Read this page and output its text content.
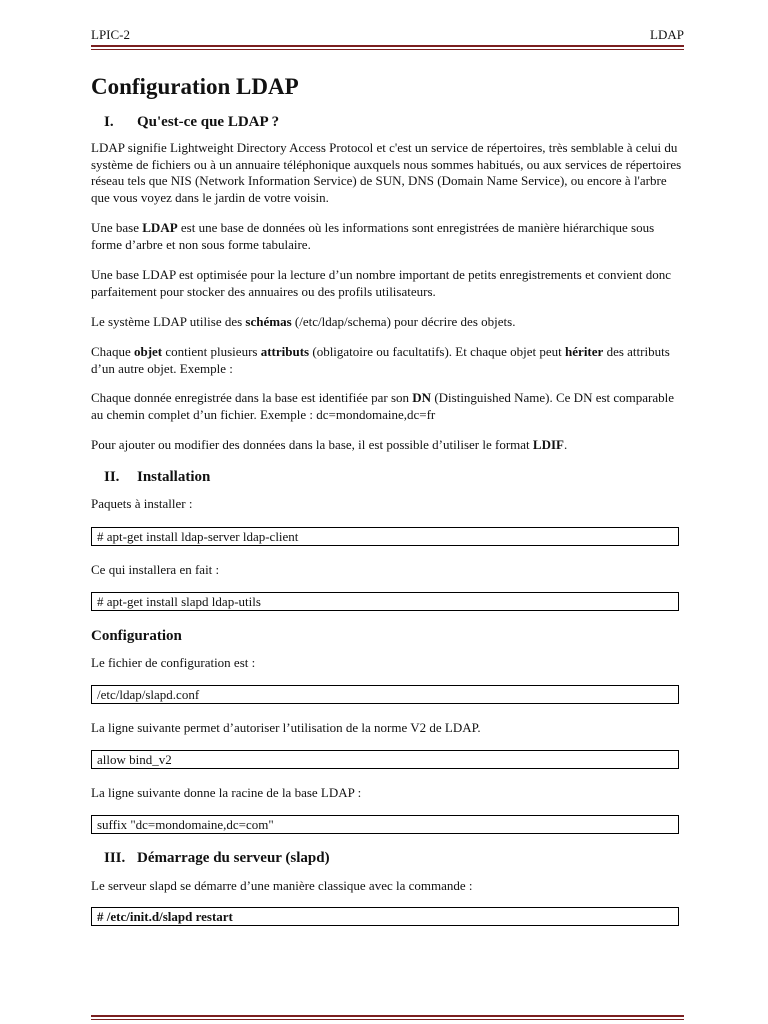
LPIC-2	LDAP
Configuration LDAP
I. Qu'est-ce que LDAP ?

LDAP signifie Lightweight Directory Access Protocol et c'est un service de répertoires, très semblable à celui du système de fichiers ou à un annuaire téléphonique auxquels nous sommes habitués, ou aux services de répertoires réseau tels que NIS (Network Information Service) de SUN, DNS (Domain Name Service), ou encore à l'arbre que vous voyez dans le jardin de votre voisin.

Une base LDAP est une base de données où les informations sont enregistrées de manière hiérarchique sous forme d’arbre et non sous forme tabulaire.

Une base LDAP est optimisée pour la lecture d’un nombre important de petits enregistrements et convient donc parfaitement pour stocker des annuaires ou des profils utilisateurs.

Le système LDAP utilise des schémas (/etc/ldap/schema) pour décrire des objets.

Chaque objet contient plusieurs attributs (obligatoire ou facultatifs). Et chaque objet peut hériter des attributs d’un autre objet. Exemple :

Chaque donnée enregistrée dans la base est identifiée par son DN (Distinguished Name). Ce DN est comparable au chemin complet d’un fichier. Exemple : dc=mondomaine,dc=fr

Pour ajouter ou modifier des données dans la base, il est possible d’utiliser le format LDIF.

II. Installation

Paquets à installer :

# apt-get install ldap-server ldap-client

Ce qui installera en fait :

# apt-get install slapd ldap-utils
Configuration

Le fichier de configuration est :

/etc/ldap/slapd.conf

La ligne suivante permet d’autoriser l’utilisation de la norme V2 de LDAP.

allow bind_v2

La ligne suivante donne la racine de la base LDAP :

suffix "dc=mondomaine,dc=com"
III. Démarrage du serveur (slapd)

Le serveur slapd se démarre d’une manière classique avec la commande :

# /etc/init.d/slapd restart
